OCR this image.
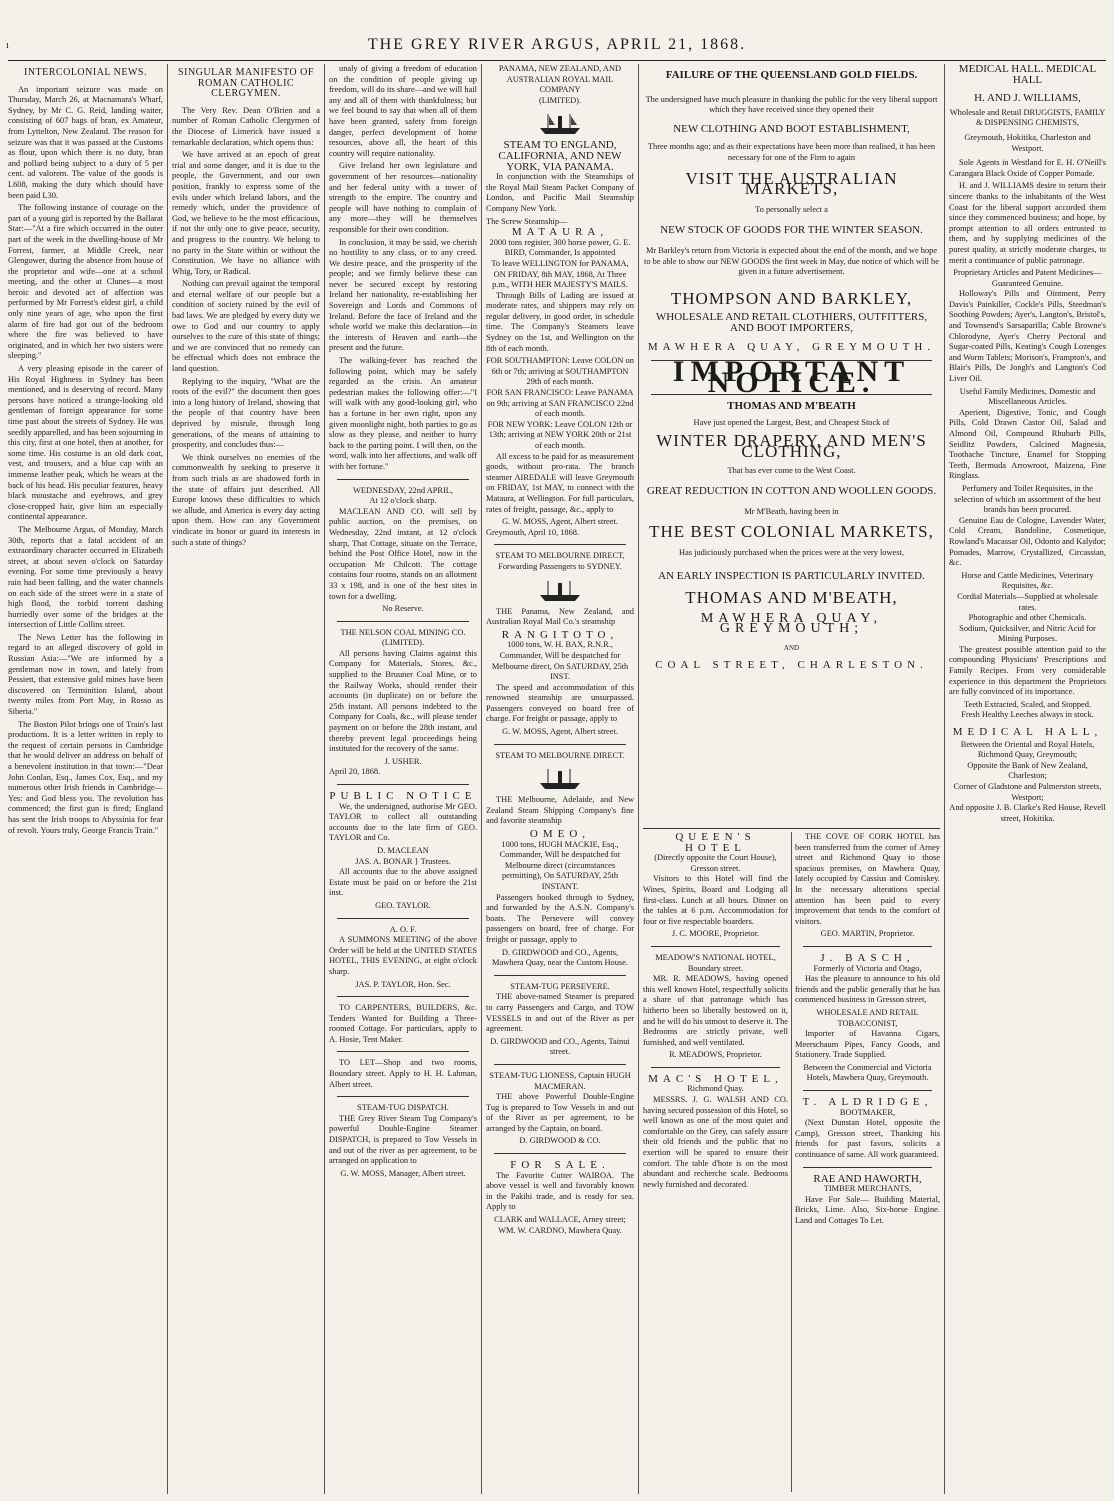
ı	THE GREY RIVER ARGUS, APRIL 21, 1868.
INTERCOLONIAL NEWS.

An important seizure was made on Thursday, March 26, at Macnamara's Wharf, Sydney, by Mr C. G. Reid, landing waiter, consisting of 607 bags of bran, ex Amateur, from Lyttelton, New Zealand. The reason for seizure was that it was passed at the Customs as flour, upon which there is no duty, bran and pollard being subject to a duty of 5 per cent. ad valorem. The value of the goods is L608, making the duty which should have been paid L30.

The following instance of courage on the part of a young girl is reported by the Ballarat Star:—"At a fire which occurred in the outer part of the week in the dwelling-house of Mr Forrest, farmer, at Middle Creek, near Glengower, during the absence from house of the proprietor and wife—one at a school meeting, and the other at Clunes—a most heroic and devoted act of affection was performed by Mr Forrest's eldest girl, a child only nine years of age, who upon the first alarm of fire had got out of the bedroom where the fire was believed to have originated, and in which her two sisters were sleeping."

A very pleasing episode in the career of His Royal Highness in Sydney has been mentioned, and is deserving of record. Many persons have noticed a strange-looking old gentleman of foreign appearance for some time past about the streets of Sydney. He was seedily apparelled, and has been sojourning in this city, first at one hotel, then at another, for some time. His costume is an old dark coat, vest, and trousers, and a blue cap with an immense leather peak, which he wears at the back of his head. His peculiar features, heavy black moustache and eyebrows, and grey close-cropped hair, give him an especially continental appearance.

The Melbourne Argus, of Monday, March 30th, reports that a fatal accident of an extraordinary character occurred in Elizabeth street, at about seven o'clock on Saturday evening. For some time previously a heavy rain had been falling, and the water channels on each side of the street were in a state of high flood, the torbid torrent dashing hurriedly over some of the bridges at the intersection of Little Collins street.

The News Letter has the following in regard to an alleged discovery of gold in Russian Asia:—"We are informed by a gentleman now in town, and lately from Pessiett, that extensive gold mines have been discovered on Terminition Island, about twenty miles from Port May, in Rosso as Siberia."

The Boston Pilot brings one of Train's last productions. It is a letter written in reply to the request of certain persons in Cambridge that he would deliver an address on behalf of a benevolent institution in that town:—"Dear John Conlan, Esq., James Cox, Esq., and my numerous other Irish friends in Cambridge—Yes: and God bless you. The revolution has commenced; the first gun is fired; England has sent the Irish troops to Abyssinia for fear of revolt. Yours truly, George Francis Train."

SINGULAR MANIFESTO OF ROMAN CATHOLIC CLERGYMEN.

The Very Rev. Dean O'Brien and a number of Roman Catholic Clergymen of the Diocese of Limerick have issued a remarkable declaration, which opens thus:

We have arrived at an epoch of great trial and some danger, and it is due to the people, the Government, and our own position, frankly to express some of the evils under which Ireland labors, and the remedy which, under the providence of God, we believe to be the most efficacious, if not the only one to give peace, security, and progress to the country. We belong to no party in the State within or without the Constitution. We have no alliance with Whig, Tory, or Radical.

Nothing can prevail against the temporal and eternal welfare of our people but a condition of society ruined by the evil of bad laws. We are pledged by every duty we owe to God and our country to apply ourselves to the cure of this state of things; and we are convinced that no remedy can be effectual which does not embrace the land question.

Replying to the inquiry, "What are the roots of the evil?" the document then goes into a long history of Ireland, showing that the people of that country have been deprived by misrule, through long generations, of the means of attaining to prosperity, and concludes thus:—

We think ourselves no enemies of the commonwealth by seeking to preserve it from such trials as are shadowed forth in the state of affairs just described. All Europe knows these difficulties to which we allude, and America is every day acting upon them. How can any Government vindicate its honor or guard its interests in such a state of things?

unaly of giving a freedom of education on the condition of people giving up freedom, will do its share—and we will hail any and all of them with thankfulness; but we feel bound to say that when all of them have been granted, safety from foreign danger, perfect development of home resources, above all, the heart of this country will require nationality.

Give Ireland her own legislature and government of her resources—nationality and her federal unity with a tower of strength to the empire. The country and people will have nothing to complain of any more—they will be themselves responsible for their own condition.

In conclusion, it may be said, we cherish no hostility to any class, or to any creed. We desire peace, and the prosperity of the people; and we firmly believe these can never be secured except by restoring Ireland her nationality, re-establishing her Sovereign and Lords and Commons of Ireland. Before the face of Ireland and the whole world we make this declaration—in the interests of Heaven and earth—the present and the future.

The walking-fever has reached the following point, which may be safely regarded as the crisis. An amateur pedestrian makes the following offer:—"I will walk with any good-looking girl, who has a fortune in her own right, upon any given moonlight night, both parties to go as slow as they please, and neither to hurry back to the parting point. I will then, on the word, walk into her affections, and walk off with her fortune."

WEDNESDAY, 22nd APRIL,
At 12 o'clock sharp.

MACLEAN AND CO. will sell by public auction, on the premises, on Wednesday, 22nd instant, at 12 o'clock sharp, That Cottage, situate on the Terrace, behind the Post Office Hotel, now in the occupation Mr Chilcott. The cottage contains four rooms, stands on an allotment 33 x 198, and is one of the best sites in town for a dwelling.

No Reserve.
THE NELSON COAL MINING CO.
(LIMITED).

All persons having Claims against this Company for Materials, Stores, &c., supplied to the Bruuner Coal Mine, or to the Railway Works, should render their accounts (in duplicate) on or before the 25th instant. All persons indebted to the Company for Coals, &c., will please tender payment on or before the 28th instant, and thereby prevent legal proceedings being instituted for the recovery of the same.

J. USHER.
April 20, 1868.
PUBLIC NOTICE

We, the undersigned, authorise Mr GEO. TAYLOR to collect all outstanding accounts due to the late firm of GEO. TAYLOR and Co.

D. MACLEAN
JAS. A. BONAR } Trustees.

All accounts due to the above assigned Estate must be paid on or before the 21st inst.

GEO. TAYLOR.
A. O. F.

A SUMMONS MEETING of the above Order will be held at the UNITED STATES HOTEL, THIS EVENING, at eight o'clock sharp.

JAS. P. TAYLOR, Hon. Sec.

TO CARPENTERS, BUILDERS, &c. Tenders Wanted for Building a Three-roomed Cottage. For particulars, apply to A. Hosie, Tent Maker.

TO LET—Shop and two rooms, Boundary street. Apply to H. H. Lahman, Albert street.

STEAM-TUG DISPATCH.

THE Grey River Steam Tug Company's powerful Double-Engine Steamer DISPATCH, is prepared to Tow Vessels in and out of the river as per agreement, to be arranged on application to

G. W. MOSS, Manager, Albert street.
PANAMA, NEW ZEALAND, AND AUSTRALIAN ROYAL MAIL COMPANY
(LIMITED).
STEAM TO ENGLAND, CALIFORNIA, AND NEW YORK, VIA PANAMA.

In conjunction with the Steamships of the Royal Mail Steam Packet Company of London, and Pacific Mail Steamship Company New York.

The Screw Steamship—
MATAURA,
2000 tons register, 300 horse power, G. E. BIRD, Commander, Is appointed
To leave WELLINGTON for PANAMA, ON FRIDAY, 8th MAY, 1868, At Three p.m., WITH HER MAJESTY'S MAILS.

Through Bills of Lading are issued at moderate rates, and shippers may rely on regular delivery, in good order, in schedule time. The Company's Steamers leave Sydney on the 1st, and Wellington on the 8th of each month.

FOR SOUTHAMPTON: Leave COLON on 6th or 7th; arriving at SOUTHAMPTON 29th of each month.
FOR SAN FRANCISCO: Leave PANAMA on 9th; arriving at SAN FRANCISCO 22nd of each month.
FOR NEW YORK: Leave COLON 12th or 13th; arriving at NEW YORK 20th or 21st of each month.

All excess to be paid for as measurement goods, without pro-rata. The branch steamer AIREDALE will leave Greymouth on FRIDAY, 1st MAY, to connect with the Mataura, at Wellington. For full particulars, rates of freight, passage, &c., apply to

G. W. MOSS, Agent, Albert street.
Greymouth, April 10, 1868.
STEAM TO MELBOURNE DIRECT, Forwarding Passengers to SYDNEY.

THE Panama, New Zealand, and Australian Royal Mail Co.'s steamship

RANGITOTO,
1000 tons, W. H. BAX, R.N.R., Commander, Will be despatched for Melbourne direct, On SATURDAY, 25th INST.

The speed and accommodation of this renowned steamship are unsurpassed. Passengers conveyed on board free of charge. For freight or passage, apply to

G. W. MOSS, Agent, Albert street.
STEAM TO MELBOURNE DIRECT.

THE Melbourne, Adelaide, and New Zealand Steam Shipping Company's fine and favorite steamship

OMEO,
1000 tons, HUGH MACKIE, Esq., Commander, Will be despatched for Melbourne direct (circumstances permitting), On SATURDAY, 25th INSTANT.

Passengers booked through to Sydney, and forwarded by the A.S.N. Company's boats. The Persevere will convey passengers on board, free of charge. For freight or passage, apply to

D. GIRDWOOD and CO., Agents, Mawhera Quay, near the Custom House.
STEAM-TUG PERSEVERE.

THE above-named Steamer is prepared to carry Passengers and Cargo, and TOW VESSELS in and out of the River as per agreement.

D. GIRDWOOD and CO., Agents, Tainui street.
STEAM-TUG LIONESS, Captain HUGH MACMERAN.

THE above Powerful Double-Engine Tug is prepared to Tow Vessels in and out of the River as per agreement, to be arranged by the Captain, on board.

D. GIRDWOOD & CO.
FOR SALE.

The Favorite Cutter WAIROA. The above vessel is well and favorably known in the Pakihi trade, and is ready for sea. Apply to

CLARK and WALLACE, Arney street;
WM. W. CARDNO, Mawhera Quay.
FAILURE OF THE QUEENSLAND GOLD FIELDS.
The undersigned have much pleasure in thanking the public for the very liberal support which they have received since they opened their
NEW CLOTHING AND BOOT ESTABLISHMENT,
Three months ago; and as their expectations have been more than realised, it has been necessary for one of the Firm to again
VISIT THE AUSTRALIAN MARKETS,
To personally select a
NEW STOCK OF GOODS FOR THE WINTER SEASON.
Mr Barkley's return from Victoria is expected about the end of the month, and we hope to be able to show our NEW GOODS the first week in May, due notice of which will be given in a future advertisement.
THOMPSON AND BARKLEY,
WHOLESALE AND RETAIL CLOTHIERS, OUTFITTERS, AND BOOT IMPORTERS,
MAWHERA QUAY, GREYMOUTH.
IMPORTANT NOTICE.
THOMAS AND M'BEATH
Have just opened the Largest, Best, and Cheapest Stock of
WINTER DRAPERY, AND MEN'S CLOTHING,
That has ever come to the West Coast.
GREAT REDUCTION IN COTTON AND WOOLLEN GOODS.
Mr M'Beath, having been in
THE BEST COLONIAL MARKETS,
Has judiciously purchased when the prices were at the very lowest,
AN EARLY INSPECTION IS PARTICULARLY INVITED.
THOMAS AND M'BEATH,
MAWHERA QUAY, GREYMOUTH;
AND
COAL STREET, CHARLESTON.
QUEEN'S HOTEL
(Directly opposite the Court House), Gresson street.

Visitors to this Hotel will find the Wines, Spirits, Board and Lodging all first-class. Lunch at all hours. Dinner on the tables at 6 p.m. Accommodation for four or five respectable boarders.

J. C. MOORE, Proprietor.
MEADOW'S NATIONAL HOTEL,
Boundary street.

MR. R. MEADOWS, having opened this well known Hotel, respectfully solicits a share of that patronage which has hitherto been so liberally bestowed on it, and he will do his utmost to deserve it. The Bedrooms are strictly private, well furnished, and well ventilated.

R. MEADOWS, Proprietor.
MAC'S HOTEL,
Richmond Quay.

MESSRS. J. G. WALSH AND CO. having secured possession of this Hotel, so well known as one of the most quiet and comfortable on the Grey, can safely assure their old friends and the public that no exertion will be spared to ensure their comfort. The table d'hote is on the most abundant and recherche scale. Bedrooms newly furnished and decorated.

THE COVE OF CORK HOTEL has been transferred from the corner of Arney street and Richmond Quay to those spacious premises, on Mawhera Quay, lately occupied by Cassius and Comiskey. In the necessary alterations special attention has been paid to every improvement that tends to the comfort of visitors.

GEO. MARTIN, Proprietor.
J. BASCH,
Formerly of Victoria and Otago,

Has the pleasure to announce to his old friends and the public generally that he has commenced business in Gresson street,

WHOLESALE AND RETAIL TOBACCONIST,

Importer of Havanna Cigars, Meerschaum Pipes, Fancy Goods, and Stationery. Trade Supplied.

Between the Commercial and Victoria Hotels, Mawhera Quay, Greymouth.
T. ALDRIDGE,
BOOTMAKER,

(Next Dunstan Hotel, opposite the Camp), Gresson street, Thanking his friends for past favors, solicits a continuance of same. All work guaranteed.

RAE AND HAWORTH,
TIMBER MERCHANTS,

Have For Sale— Building Material, Bricks, Lime. Also, Six-horse Engine. Land and Cottages To Let.

MEDICAL HALL. MEDICAL HALL
H. AND J. WILLIAMS,
Wholesale and Retail DRUGGISTS, FAMILY & DISPENSING CHEMISTS,
Greymouth, Hokitika, Charleston and Westport.

Sole Agents in Westland for E. H. O'Neill's Carangara Black Oxide of Copper Pomade.

H. and J. WILLIAMS desire to return their sincere thanks to the inhabitants of the West Coast for the liberal support accorded them since they commenced business; and hope, by prompt attention to all orders entrusted to them, and by supplying medicines of the purest quality, at strictly moderate charges, to merit a continuance of public patronage.

Proprietary Articles and Patent Medicines—Guaranteed Genuine.

Holloway's Pills and Ointment, Perry Davis's Painkiller, Cockle's Pills, Steedman's Soothing Powders; Ayer's, Langton's, Bristol's, and Townsend's Sarsaparilla; Cable Browne's Chlorodyne, Ayer's Cherry Pectoral and Sugar-coated Pills, Keating's Cough Lozenges and Worm Tablets; Morison's, Frampton's, and Blair's Pills, De Jongh's and Langton's Cod Liver Oil.

Useful Family Medicines, Domestic and Miscellaneous Articles.

Aperient, Digestive, Tonic, and Cough Pills, Cold Drawn Castor Oil, Salad and Almond Oil, Compound Rhubarb Pills, Seidlitz Powders, Calcined Magnesia, Toothache Tincture, Enamel for Stopping Teeth, Bermuda Arrowroot, Maizena, Fine Ringlass.

Perfumery and Toilet Requisites, in the selection of which an assortment of the best brands has been procured.

Genuine Eau de Cologne, Lavender Water, Cold Cream, Bandoline, Cosmetique, Rowland's Macassar Oil, Odonto and Kalydor; Pomades, Marrow, Crystallized, Circassian, &c.

Horse and Cattle Medicines, Veterinary Requisites, &c.
Cordial Materials—Supplied at wholesale rates.
Photographic and other Chemicals.
Sodium, Quicksilver, and Nitric Acid for Mining Purposes.

The greatest possible attention paid to the compounding Physicians' Prescriptions and Family Recipes. From very considerable experience in this department the Proprietors are fully convinced of its importance.

Teeth Extracted, Scaled, and Stopped.
Fresh Healthy Leeches always in stock.
MEDICAL HALL,
Between the Oriental and Royal Hotels, Richmond Quay, Greymouth;
Opposite the Bank of New Zealand, Charleston;
Corner of Gladstone and Palmerston streets, Westport;
And opposite J. B. Clarke's Red House, Revell street, Hokitika.
